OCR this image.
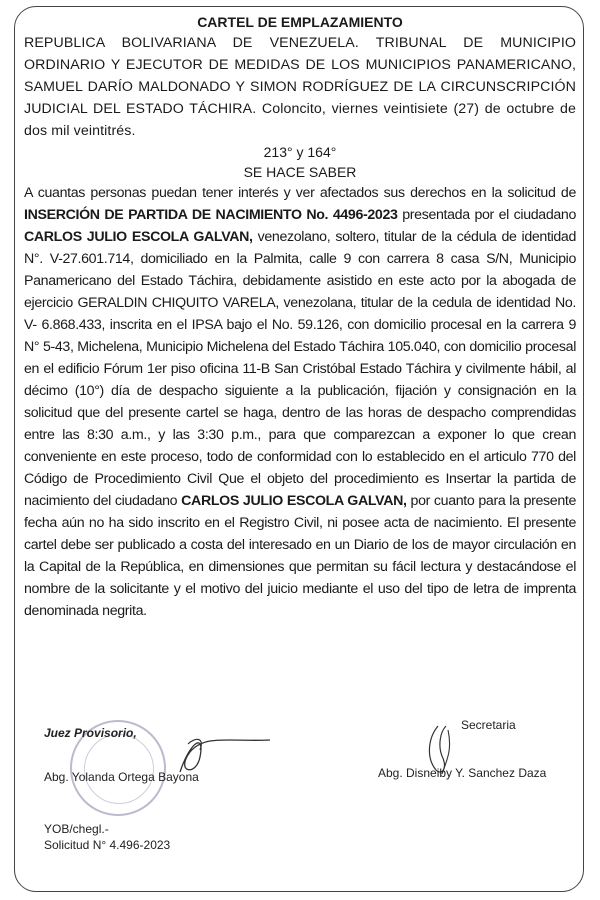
CARTEL DE EMPLAZAMIENTO

REPUBLICA BOLIVARIANA DE VENEZUELA. TRIBUNAL DE MUNICIPIO ORDINARIO Y EJECUTOR DE MEDIDAS DE LOS MUNICIPIOS PANAMERICANO, SAMUEL DARÍO MALDONADO Y SIMON RODRÍGUEZ DE LA CIRCUNSCRIPCIÓN JUDICIAL DEL ESTADO TÁCHIRA. Coloncito, viernes veintisiete (27) de octubre de dos mil veintitrés.

213° y 164°

SE HACE SABER

A cuantas personas puedan tener interés y ver afectados sus derechos en la solicitud de INSERCIÓN DE PARTIDA DE NACIMIENTO No. 4496-2023 presentada por el ciudadano CARLOS JULIO ESCOLA GALVAN, venezolano, soltero, titular de la cédula de identidad N°. V-27.601.714, domiciliado en la Palmita, calle 9 con carrera 8 casa S/N, Municipio Panamericano del Estado Táchira, debidamente asistido en este acto por la abogada de ejercicio GERALDIN CHIQUITO VARELA, venezolana, titular de la cedula de identidad No. V- 6.868.433, inscrita en el IPSA bajo el No. 59.126, con domicilio procesal en la carrera 9 N° 5-43, Michelena, Municipio Michelena del Estado Táchira 105.040, con domicilio procesal en el edificio Fórum 1er piso oficina 11-B San Cristóbal Estado Táchira y civilmente hábil, al décimo (10°) día de despacho siguiente a la publicación, fijación y consignación en la solicitud que del presente cartel se haga, dentro de las horas de despacho comprendidas entre las 8:30 a.m., y las 3:30 p.m., para que comparezcan a exponer lo que crean conveniente en este proceso, todo de conformidad con lo establecido en el articulo 770 del Código de Procedimiento Civil Que el objeto del procedimiento es Insertar la partida de nacimiento del ciudadano CARLOS JULIO ESCOLA GALVAN, por cuanto para la presente fecha aún no ha sido inscrito en el Registro Civil, ni posee acta de nacimiento. El presente cartel debe ser publicado a costa del interesado en un Diario de los de mayor circulación en la Capital de la República, en dimensiones que permitan su fácil lectura y destacándose el nombre de la solicitante y el motivo del juicio mediante el uso del tipo de letra de imprenta denominada negrita.

Juez Provisorio,
Abg. Yolanda Ortega Bayona
Secretaria
Abg. Disneiby Y. Sanchez Daza
YOB/chegl.-
Solicitud N° 4.496-2023
